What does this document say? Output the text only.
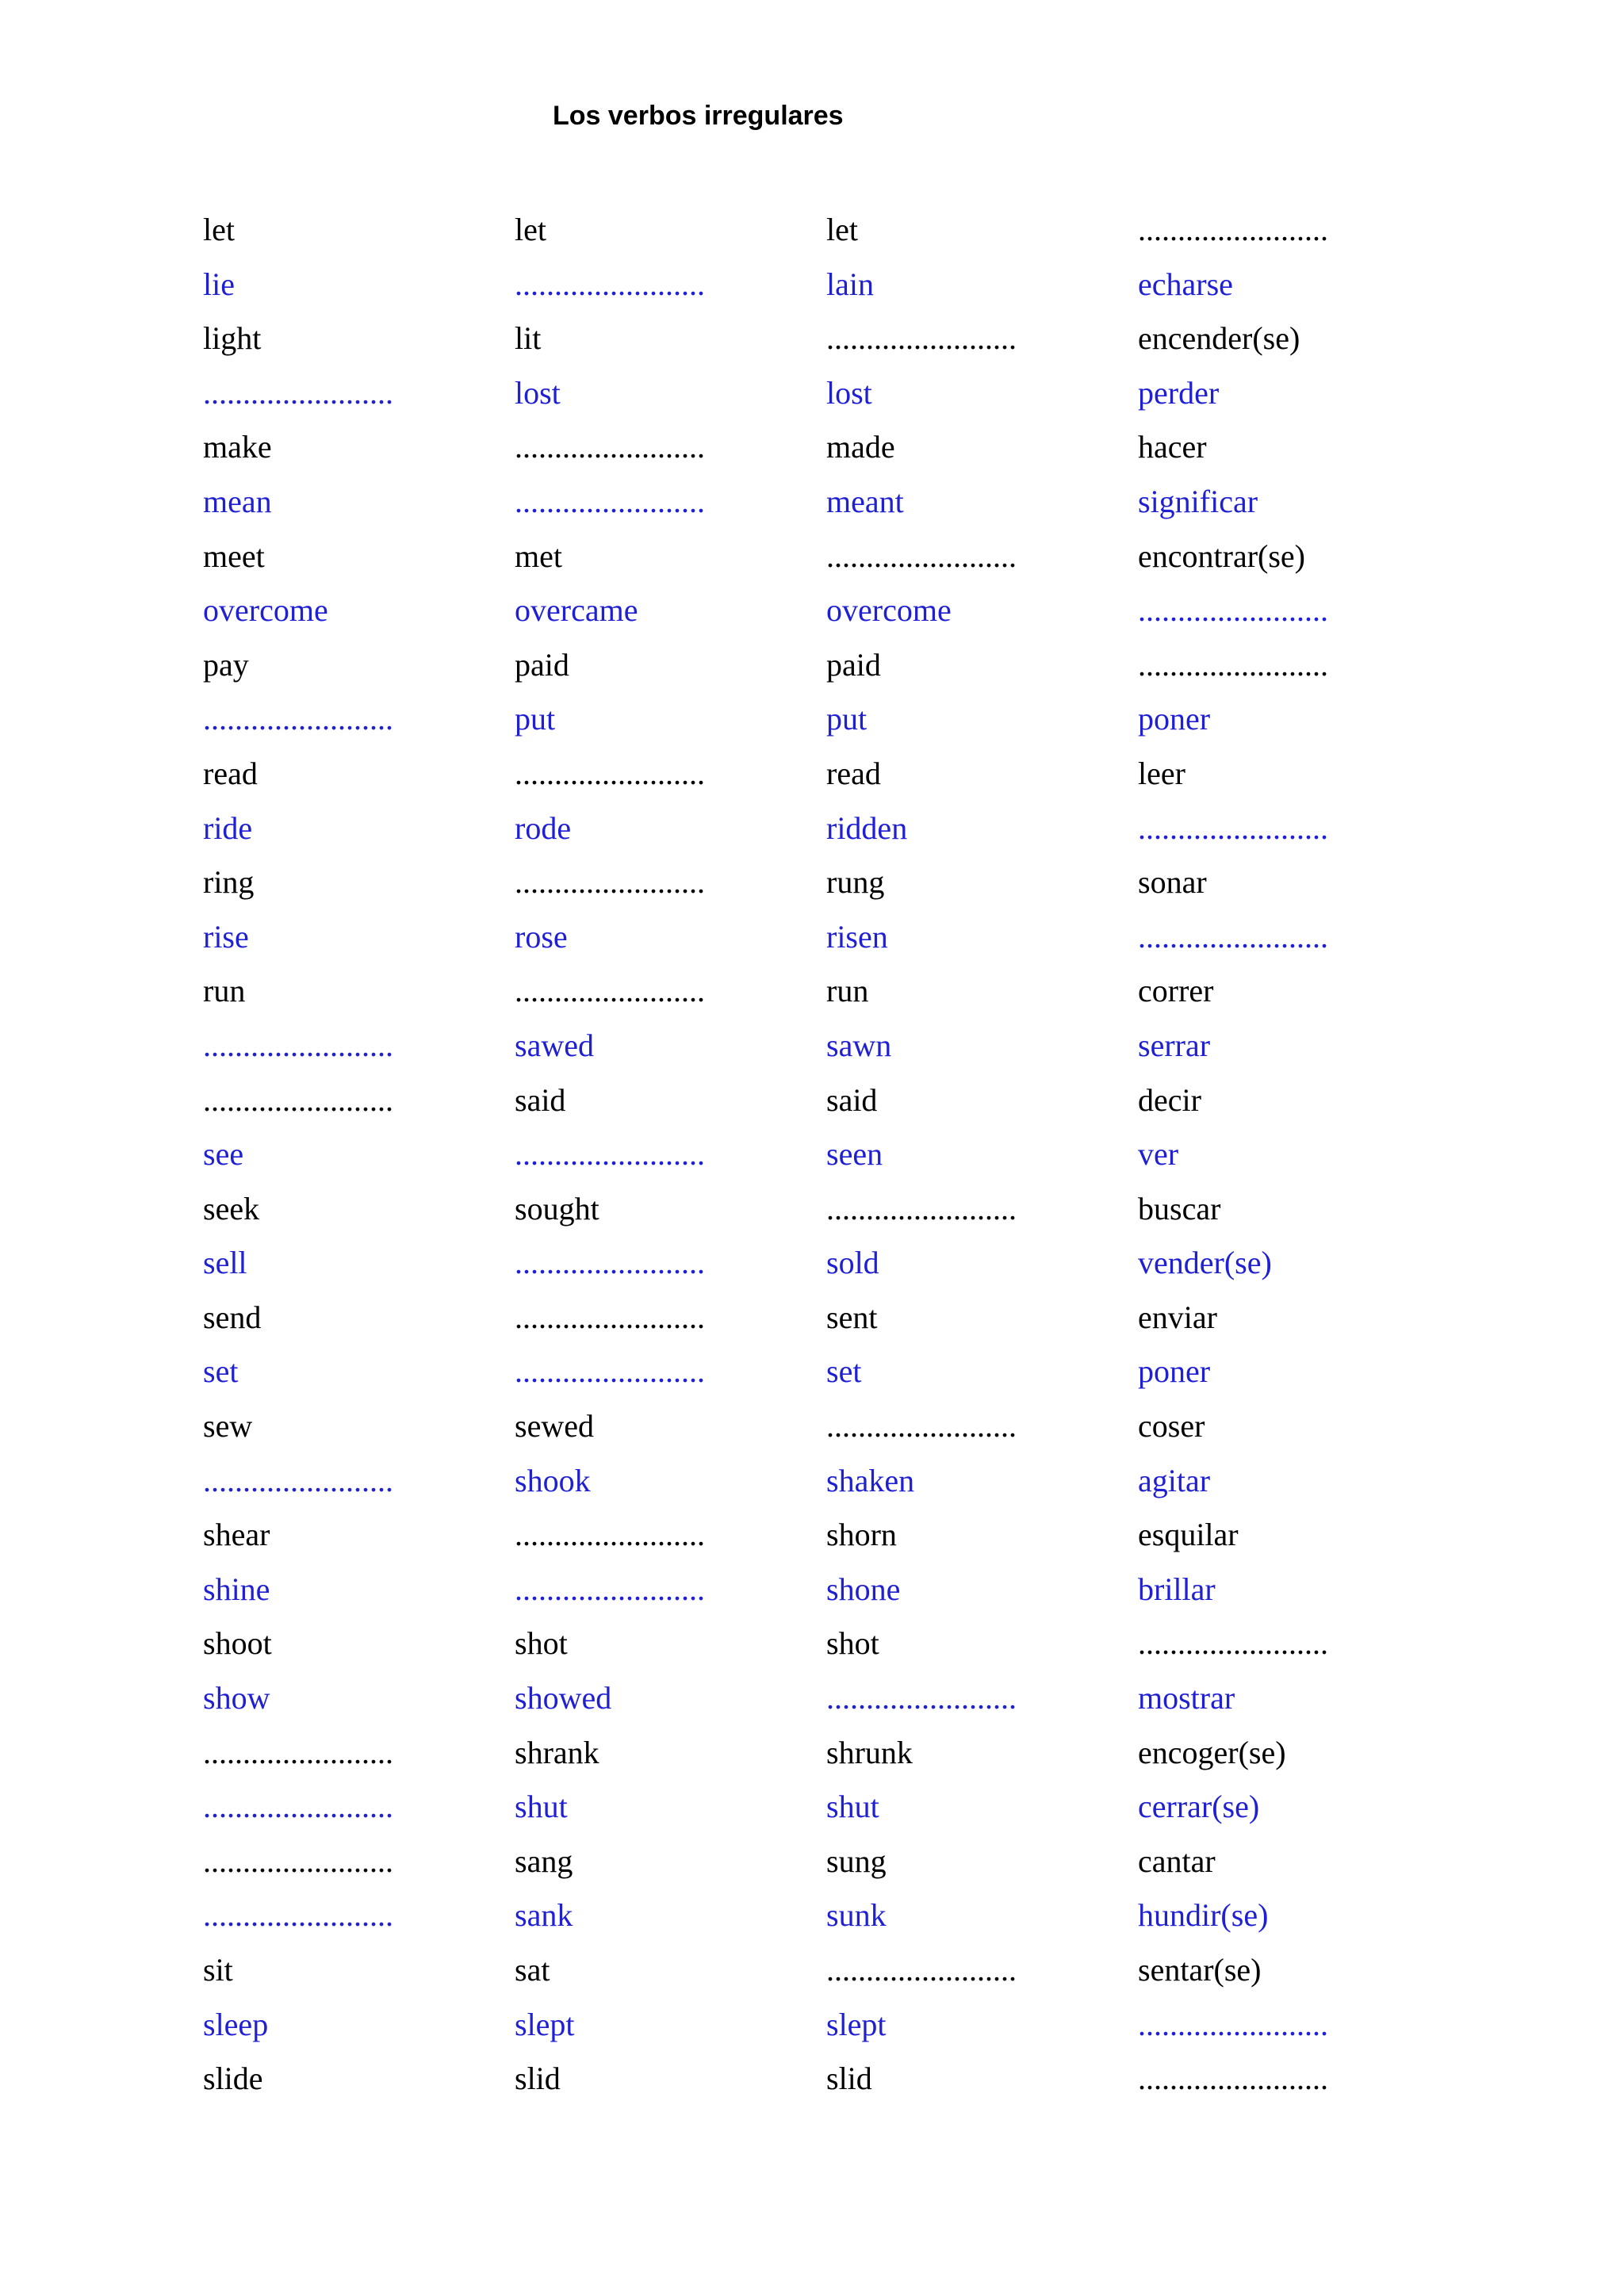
Los verbos irregulares
let	let	let	........................
lie	........................	lain	echarse
light	lit	........................	encender(se)
........................	lost	lost	perder
make	........................	made	hacer
mean	........................	meant	significar
meet	met	........................	encontrar(se)
overcome	overcame	overcome	........................
pay	paid	paid	........................
........................	put	put	poner
read	........................	read	leer
ride	rode	ridden	........................
ring	........................	rung	sonar
rise	rose	risen	........................
run	........................	run	correr
........................	sawed	sawn	serrar
........................	said	said	decir
see	........................	seen	ver
seek	sought	........................	buscar
sell	........................	sold	vender(se)
send	........................	sent	enviar
set	........................	set	poner
sew	sewed	........................	coser
........................	shook	shaken	agitar
shear	........................	shorn	esquilar
shine	........................	shone	brillar
shoot	shot	shot	........................
show	showed	........................	mostrar
........................	shrank	shrunk	encoger(se)
........................	shut	shut	cerrar(se)
........................	sang	sung	cantar
........................	sank	sunk	hundir(se)
sit	sat	........................	sentar(se)
sleep	slept	slept	........................
slide	slid	slid	........................
